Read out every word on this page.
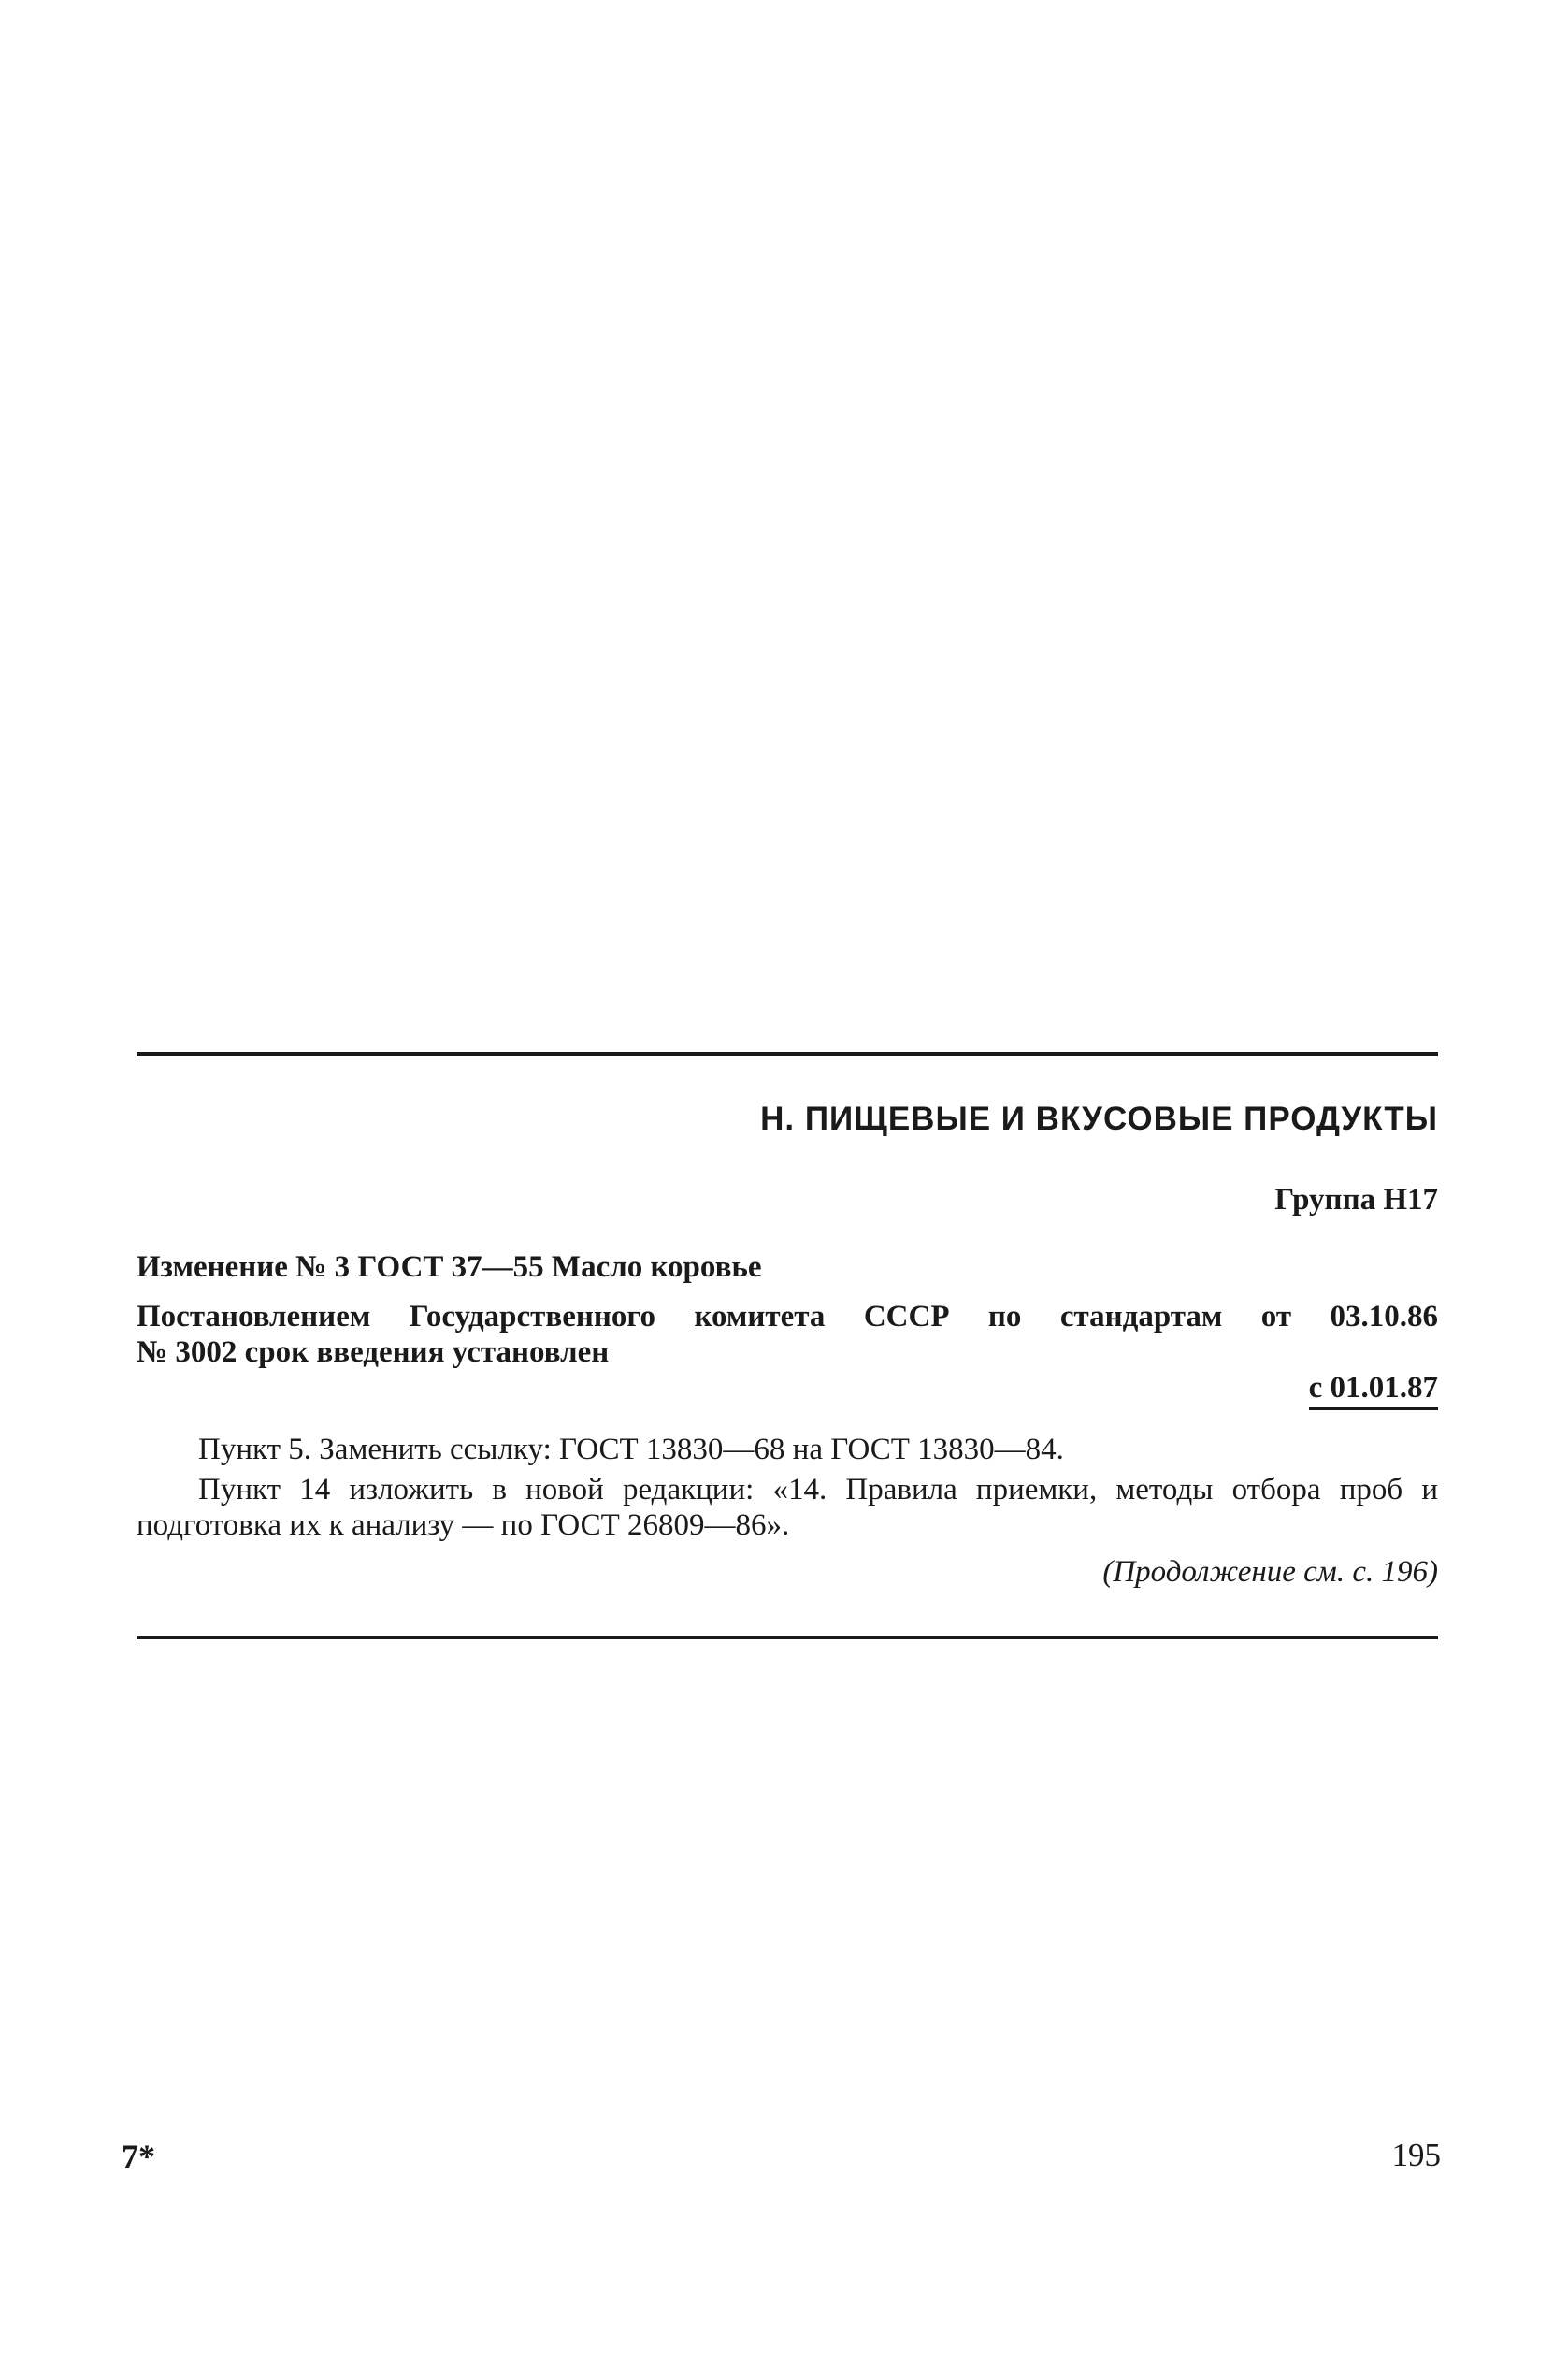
Н. ПИЩЕВЫЕ И ВКУСОВЫЕ ПРОДУКТЫ
Группа Н17
Изменение № 3 ГОСТ 37—55 Масло коровье
Постановлением Государственного комитета СССР по стандартам от 03.10.86
№ 3002 срок введения установлен
с 01.01.87
Пункт 5. Заменить ссылку: ГОСТ 13830—68 на ГОСТ 13830—84.
Пункт 14 изложить в новой редакции: «14. Правила приемки, методы отбора проб и подготовка их к анализу — по ГОСТ 26809—86».
(Продолжение см. с. 196)
7*	195
